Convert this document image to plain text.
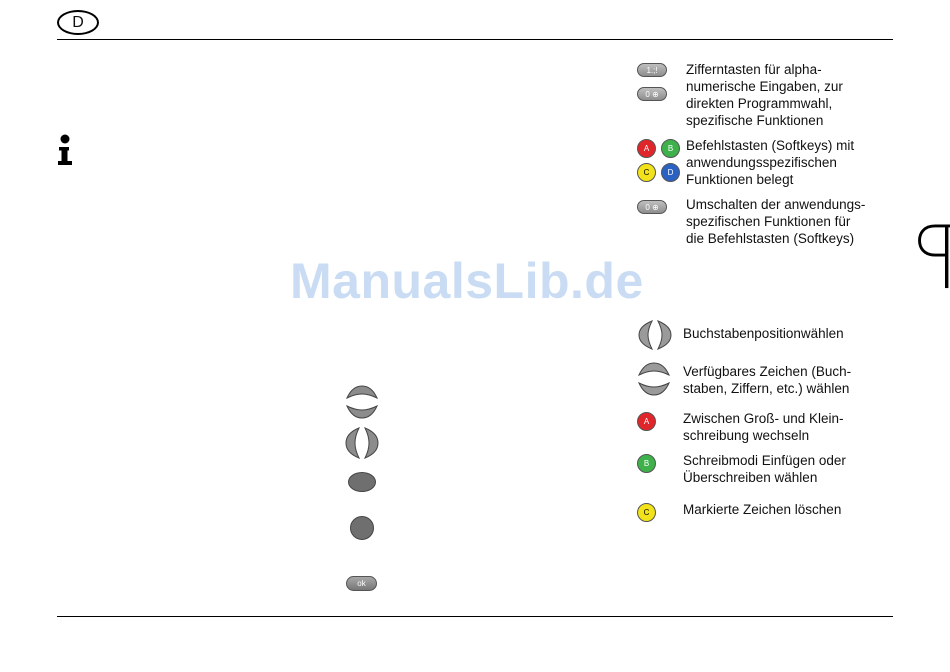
D
ManualsLib.de
1.;!
0 ⊕
Zifferntasten für alpha-
numerische Eingaben, zur
direkten Programmwahl,
spezifische Funktionen
A B
C D
Befehlstasten (Softkeys) mit
anwendungsspezifischen
Funktionen belegt
0 ⊕ Umschalten der anwendungs-
spezifischen Funktionen für
die Befehlstasten (Softkeys)
Buchstabenpositionwählen
Verfügbares Zeichen (Buch-
staben, Ziffern, etc.) wählen
A	Zwischen Groß- und Klein-
schreibung wechseln
B	Schreibmodi Einfügen oder
Überschreiben wählen
C Markierte Zeichen löschen
ok
